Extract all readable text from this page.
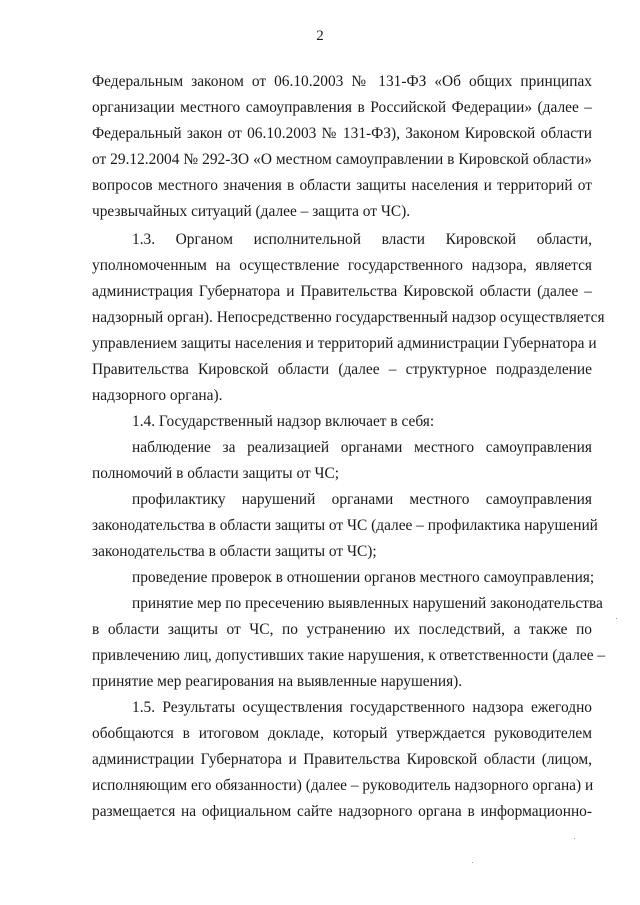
2
Федеральным законом от 06.10.2003 № 131-ФЗ «Об общих принципах
организации местного самоуправления в Российской Федерации» (далее –
Федеральный закон от 06.10.2003 № 131-ФЗ), Законом Кировской области
от 29.12.2004 № 292-ЗО «О местном самоуправлении в Кировской области»
вопросов местного значения в области защиты населения и территорий от
чрезвычайных ситуаций (далее – защита от ЧС).
1.3. Органом исполнительной власти Кировской области,
уполномоченным на осуществление государственного надзора, является
администрация Губернатора и Правительства Кировской области (далее –
надзорный орган). Непосредственно государственный надзор осуществляется
управлением защиты населения и территорий администрации Губернатора и
Правительства Кировской области (далее – структурное подразделение
надзорного органа).
1.4. Государственный надзор включает в себя:
наблюдение за реализацией органами местного самоуправления
полномочий в области защиты от ЧС;
профилактику нарушений органами местного самоуправления
законодательства в области защиты от ЧС (далее – профилактика нарушений
законодательства в области защиты от ЧС);
проведение проверок в отношении органов местного самоуправления;
принятие мер по пресечению выявленных нарушений законодательства
в области защиты от ЧС, по устранению их последствий, а также по
привлечению лиц, допустивших такие нарушения, к ответственности (далее –
принятие мер реагирования на выявленные нарушения).
1.5. Результаты осуществления государственного надзора ежегодно
обобщаются в итоговом докладе, который утверждается руководителем
администрации Губернатора и Правительства Кировской области (лицом,
исполняющим его обязанности) (далее – руководитель надзорного органа) и
размещается на официальном сайте надзорного органа в информационно-
